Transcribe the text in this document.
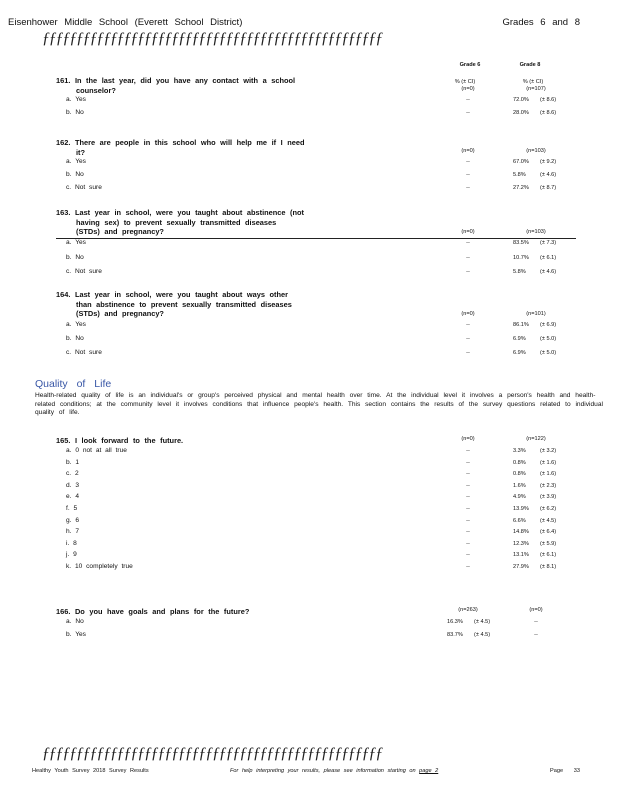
Eisenhower Middle School (Everett School District)	Grades 6 and 8
ƒƒƒƒƒƒƒƒƒƒƒƒƒƒƒƒƒƒƒƒƒƒƒƒƒƒƒƒƒƒƒƒƒƒƒƒƒƒƒƒƒƒƒƒƒƒƒƒƒƒ
Grade 6	Grade 8
% (± CI)	% (± CI)
161. In the last year, did you have any contact with a school
counselor?	(n=0)	(n=107)
a. Yes	--	72.0% (± 8.6)
b. No	--	28.0% (± 8.6)
162. There are people in this school who will help me if I need
it?	(n=0)	(n=103)
a. Yes	--	67.0% (± 9.2)
b. No	--	5.8%	(± 4.6)
c. Not sure	--	27.2% (± 8.7)
163. Last year in school, were you taught about abstinence (not
having sex) to prevent sexually transmitted diseases
(STDs) and pregnancy?	(n=0)	(n=103)
a. Yes	--	83.5% (± 7.3)
b. No	--	10.7% (± 6.1)
c. Not sure	--	5.8%	(± 4.6)
164. Last year in school, were you taught about ways other
than abstinence to prevent sexually transmitted diseases
(STDs) and pregnancy?	(n=0)	(n=101)
a. Yes	--	86.1% (± 6.9)
b. No	--	6.9%	(± 5.0)
c. Not sure	--	6.9%	(± 5.0)
165. I look forward to the future.	(n=0)	(n=122)
a. 0 not at all true	--	3.3%	(± 3.2)
b. 1	--	0.8%	(± 1.6)
c. 2	--	0.8%	(± 1.6)
d. 3	--	1.6%	(± 2.3)
e. 4	--	4.9%	(± 3.9)
f. 5	--	13.9% (± 6.2)
g. 6	--	6.6%	(± 4.5)
h. 7	--	14.8% (± 6.4)
i. 8	--	12.3% (± 5.9)
j. 9	--	13.1% (± 6.1)
k. 10 completely true	--	27.9% (± 8.1)
166. Do you have goals and plans for the future?	(n=263)	(n=0)
a. No	16.3% (± 4.5)	--
b. Yes	83.7% (± 4.5)	--
Quality of Life
Health-related quality of life is an individual's or group's perceived physical and mental health over time. At the individual level it involves a person's health and health-related conditions; at the community level it involves conditions that influence people's health. This section contains the results of the survey questions related to individual quality of life.
ƒƒƒƒƒƒƒƒƒƒƒƒƒƒƒƒƒƒƒƒƒƒƒƒƒƒƒƒƒƒƒƒƒƒƒƒƒƒƒƒƒƒƒƒƒƒƒƒƒƒ
Healthy Youth Survey 2018 Survey Results	For help interpreting your results, please see information starting on page 2	Page 33
